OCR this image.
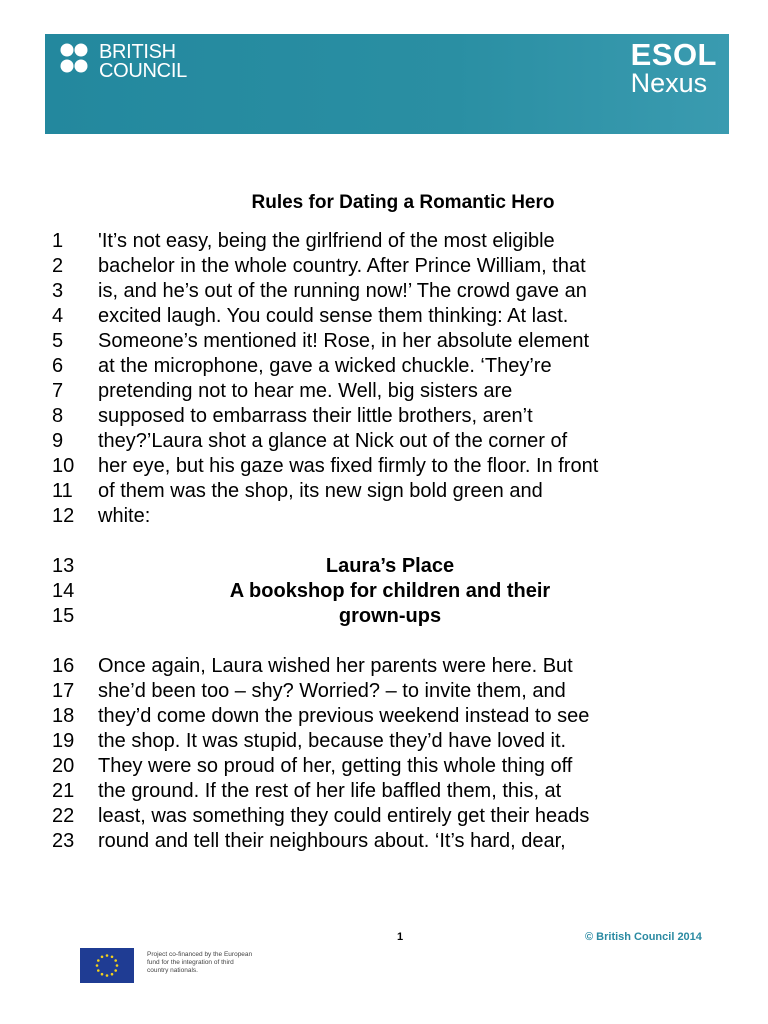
BRITISH
COUNCIL	ESOL
Nexus
Rules for Dating a Romantic Hero
1 'It’s not easy, being the girlfriend of the most eligible
2 bachelor in the whole country. After Prince William, that
3 is, and he’s out of the running now!’ The crowd gave an
4 excited laugh. You could sense them thinking: At last.
5 Someone’s mentioned it! Rose, in her absolute element
6 at the microphone, gave a wicked chuckle. ‘They’re
7 pretending not to hear me. Well, big sisters are
8 supposed to embarrass their little brothers, aren’t
9 they?’Laura shot a glance at Nick out of the corner of
10 her eye, but his gaze was fixed firmly to the floor. In front
11 of them was the shop, its new sign bold green and
12 white:
13	Laura’s Place
14	A bookshop for children and their
15	grown-ups
16 Once again, Laura wished her parents were here. But
17 she’d been too – shy? Worried? – to invite them, and
18 they’d come down the previous weekend instead to see
19 the shop. It was stupid, because they’d have loved it.
20 They were so proud of her, getting this whole thing off
21 the ground. If the rest of her life baffled them, this, at
22 least, was something they could entirely get their heads
23 round and tell their neighbours about. ‘It’s hard, dear,
1	© British Council 2014
Project co-financed by the European
fund for the integration of third
country nationals.
